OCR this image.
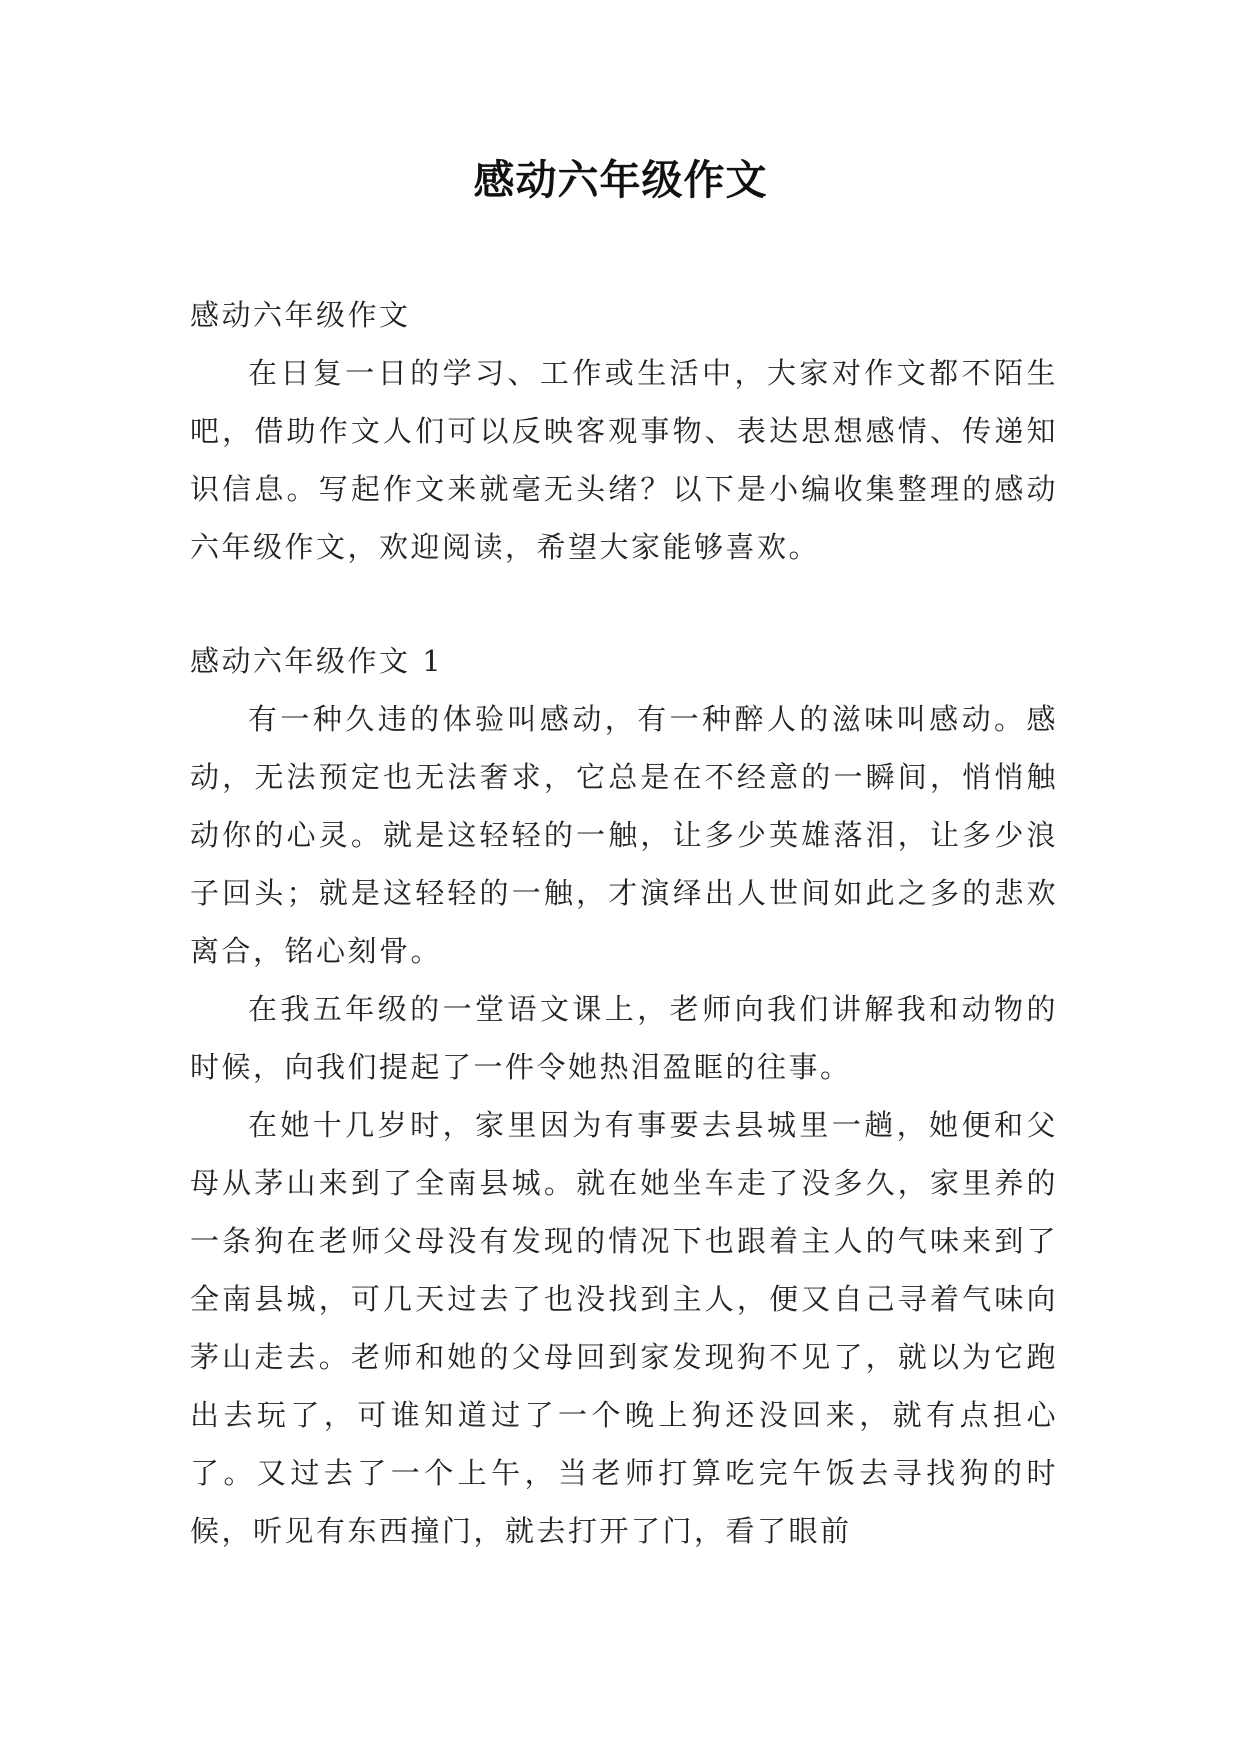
感动六年级作文

感动六年级作文

在日复一日的学习、工作或生活中，大家对作文都不陌生吧，借助作文人们可以反映客观事物、表达思想感情、传递知识信息。写起作文来就毫无头绪？以下是小编收集整理的感动六年级作文，欢迎阅读，希望大家能够喜欢。

感动六年级作文 1

有一种久违的体验叫感动，有一种醉人的滋味叫感动。感动，无法预定也无法奢求，它总是在不经意的一瞬间，悄悄触动你的心灵。就是这轻轻的一触，让多少英雄落泪，让多少浪子回头；就是这轻轻的一触，才演绎出人世间如此之多的悲欢离合，铭心刻骨。

在我五年级的一堂语文课上，老师向我们讲解我和动物的时候，向我们提起了一件令她热泪盈眶的往事。

在她十几岁时，家里因为有事要去县城里一趟，她便和父母从茅山来到了全南县城。就在她坐车走了没多久，家里养的一条狗在老师父母没有发现的情况下也跟着主人的气味来到了全南县城，可几天过去了也没找到主人，便又自己寻着气味向茅山走去。老师和她的父母回到家发现狗不见了，就以为它跑出去玩了，可谁知道过了一个晚上狗还没回来，就有点担心了。又过去了一个上午，当老师打算吃完午饭去寻找狗的时候，听见有东西撞门，就去打开了门，看了眼前
